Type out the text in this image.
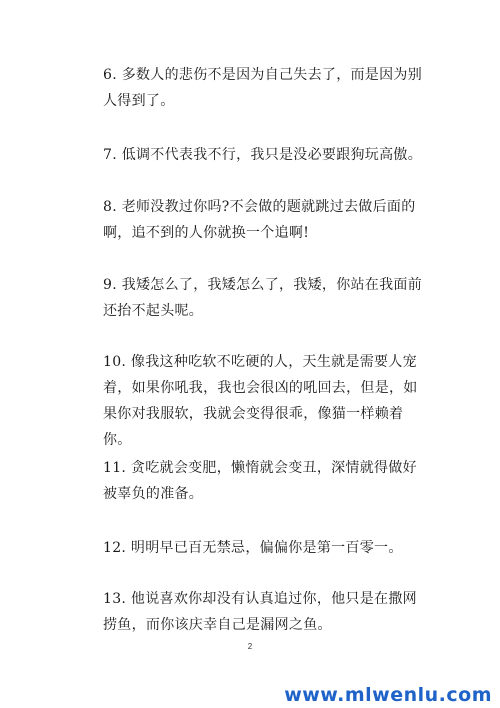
6. 多数人的悲伤不是因为自己失去了，而是因为别人得到了。

7. 低调不代表我不行，我只是没必要跟狗玩高傲。

8. 老师没教过你吗?不会做的题就跳过去做后面的啊，追不到的人你就换一个追啊!

9. 我矮怎么了，我矮怎么了，我矮，你站在我面前还抬不起头呢。

10. 像我这种吃软不吃硬的人，天生就是需要人宠着，如果你吼我，我也会很凶的吼回去，但是，如果你对我服软，我就会变得很乖，像猫一样赖着你。

11. 贪吃就会变肥，懒惰就会变丑，深情就得做好被辜负的准备。

12. 明明早已百无禁忌，偏偏你是第一百零一。

13. 他说喜欢你却没有认真追过你，他只是在撒网捞鱼，而你该庆幸自己是漏网之鱼。

2

www.mlwenlu.com
